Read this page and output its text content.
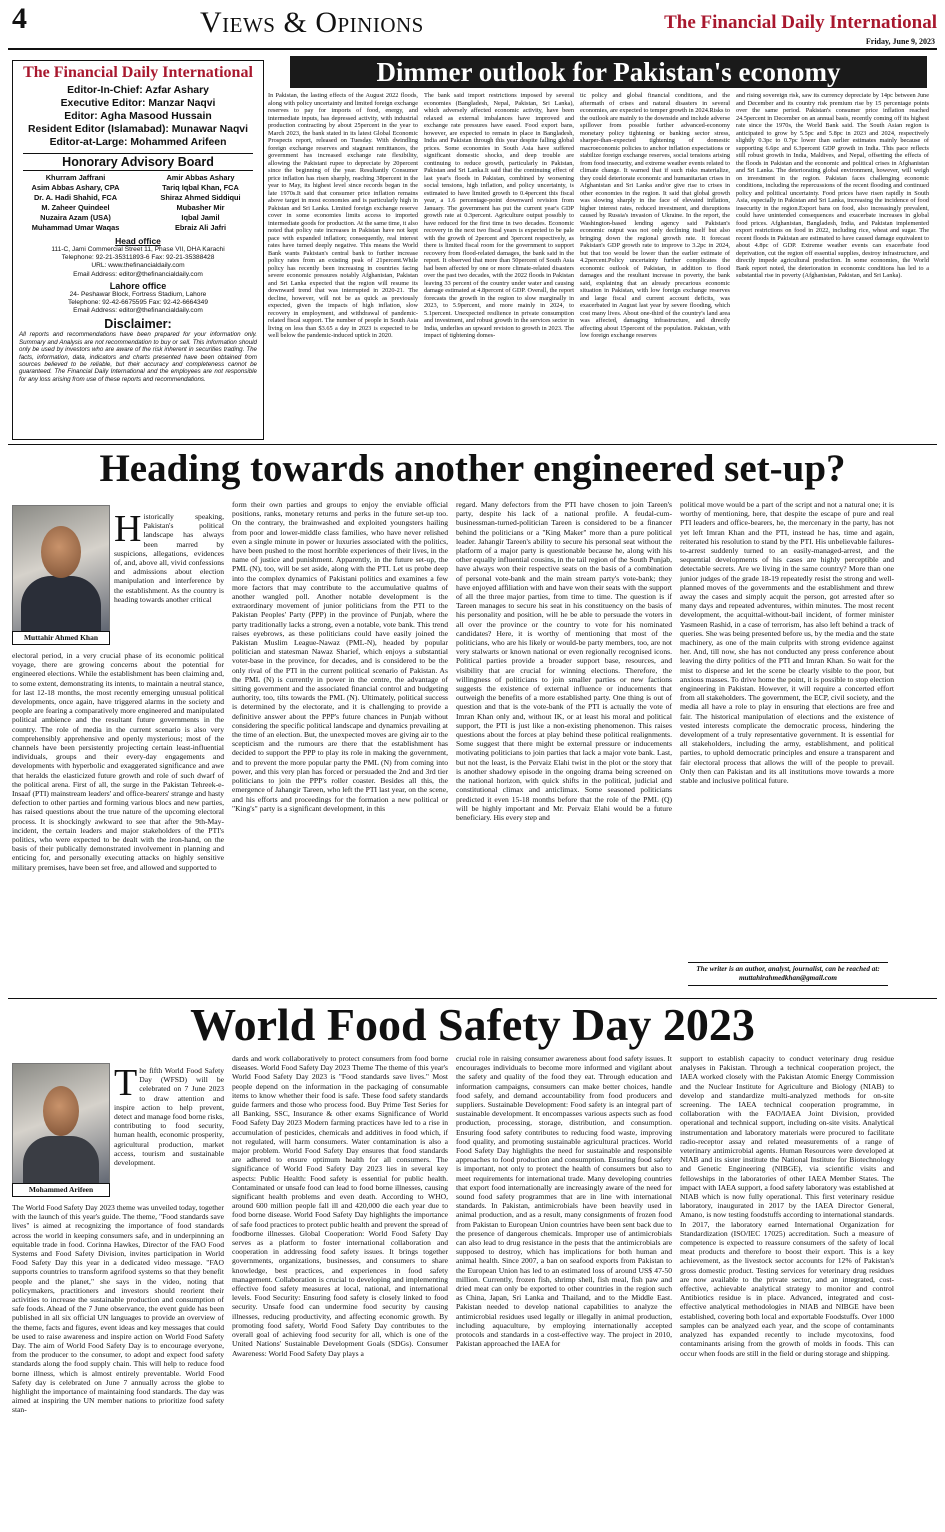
4	Views & Opinions	The Financial Daily International
Friday, June 9, 2023
The Financial Daily International
Editor-In-Chief: Azfar Ashary
Executive Editor: Manzar Naqvi
Editor: Agha Masood Hussain
Resident Editor (Islamabad): Munawar Naqvi
Editor-at-Large: Mohammed Arifeen
Honorary Advisory Board
Khurram Jaffrani
Asim Abbas Ashary, CPA
Dr. A. Hadi Shahid, FCA
M. Zaheer Quindeel
Nuzaira Azam (USA)
Muhammad Umar Waqas
Amir Abbas Ashary
Tariq Iqbal Khan, FCA
Shiraz Ahmed Siddiqui
Mubasher Mir
Iqbal Jamil
Ebraiz Ali Jafri
Head office
111-C, Jami Commercial Street 11, Phase VII, DHA Karachi
Telephone: 92-21-35311893-6 Fax: 92-21-35388428
URL: www.thefinancialdaily.com
Email Address: editor@thefinancialdaily.com
Lahore office
24- Peshawar Block, Fortress Stadium, Lahore
Telephone: 92-42-6675595 Fax: 92-42-6664349
Email Address: editor@thefinancialdaily.com
Disclaimer:
All reports and recommendations have been prepared for your information only. Summary and Analysis are not recommendation to buy or sell. This information should only be used by investors who are aware of the risk inherent in securities trading. The facts, information, data, indicators and charts presented have been obtained from sources believed to be reliable, but their accuracy and completeness cannot be guaranteed. The Financial Daily International and the employees are not responsible for any loss arising from use of these reports and recommendations.
Dimmer outlook for Pakistan's economy

In Pakistan, the lasting effects of the August 2022 floods, along with policy uncertainty and limited foreign exchange reserves to pay for imports of food, energy, and intermediate inputs, has depressed activity, with industrial production contracting by about 25percent in the year to March 2023, the bank stated in its latest Global Economic Prospects report, released on Tuesday. With dwindling foreign exchange reserves and stagnant remittances, the government has increased exchange rate flexibility, allowing the Pakistani rupee to depreciate by 20percent since the beginning of the year. Resultantly Consumer price inflation has risen sharply, reaching 38percent in the year to May, its highest level since records began in the late 1970s.It said that consumer price inflation remains above target in most economies and is particularly high in Pakistan and Sri Lanka. Limited foreign exchange reserve cover in some economies limits access to imported intermediate goods for production. At the same time, it also noted that policy rate increases in Pakistan have not kept pace with expanded inflation; consequently, real interest rates have turned deeply negative. This means the World Bank wants Pakistan's central bank to further increase policy rates from an existing peak of 21percent.While policy has recently been increasing in countries facing severe economic pressures notably Afghanistan, Pakistan and Sri Lanka expected that the region will resume its downward trend that was interrupted in 2020-21. The decline, however, will not be as quick as previously expected, given the impacts of high inflation, slow recovery in employment, and withdrawal of pandemic-related fiscal support. The number of people in South Asia living on less than $3.65 a day in 2023 is expected to be well below the pandemic-induced uptick in 2020.

The bank said import restrictions imposed by several economies (Bangladesh, Nepal, Pakistan, Sri Lanka), which adversely affected economic activity, have been relaxed as external imbalances have improved and exchange rate pressures have eased. Food export bans, however, are expected to remain in place in Bangladesh, India and Pakistan through this year despite falling global prices. Some economies in South Asia have suffered significant domestic shocks, and deep trouble are continuing to reduce growth, particularly in Pakistan, Pakistan and Sri Lanka.It said that the continuing effect of last year's floods in Pakistan, combined by worsening social tensions, high inflation, and policy uncertainty, is estimated to have limited growth to 0.4percent this fiscal year, a 1.6 percentage-point downward revision from January. The government has put the current year's GDP growth rate at 0.3percent. Agriculture output possibly to have reduced for the first time in two decades. Economic recovery in the next two fiscal years is expected to be pale with the growth of 2percent and 3percent respectively, as there is limited fiscal room for the government to support recovery from flood-related damages, the bank said in the report. It observed that more than 50percent of South Asia had been affected by one or more climate-related disasters over the past two decades, with the 2022 floods in Pakistan leaving 33 percent of the country under water and causing damage estimated at 4.8percent of GDP. Overall, the report forecasts the growth in the region to slow marginally in 2023, to 5.9percent, and more mainly in 2024, to 5.1percent. Unexpected resilience in private consumption and investment, and robust growth in the services sector in India, underlies an upward revision to growth in 2023. The impact of tightening domes-

tic policy and global financial conditions, and the aftermath of crises and natural disasters in several economies, are expected to temper growth in 2024.Risks to the outlook are mainly to the downside and include adverse spillover from possible further advanced-economy monetary policy tightening or banking sector stress, sharper-than-expected tightening of domestic macroeconomic policies to anchor inflation expectations or stabilize foreign exchange reserves, social tensions arising from food insecurity, and extreme weather events related to climate change. It warned that if such risks materialize, they could deteriorate economic and humanitarian crises in Afghanistan and Sri Lanka and/or give rise to crises in other economies in the region. It said that global growth was slowing sharply in the face of elevated inflation, higher interest rates, reduced investment, and disruptions caused by Russia's invasion of Ukraine. In the report, the Washington-based lending agency said Pakistan's economic output was not only declining itself but also bringing down the regional growth rate. It forecast Pakistan's GDP growth rate to improve to 3.2pc in 2024, but that too would be lower than the earlier estimate of 4.2percent.Policy uncertainty further complicates the economic outlook of Pakistan, in addition to flood damages and the resultant increase in poverty, the bank said, explaining that an already precarious economic situation in Pakistan, with low foreign exchange reserves and large fiscal and current account deficits, was exacerbated in August last year by severe flooding, which cost many lives. About one-third of the country's land area was affected, damaging infrastructure, and directly affecting about 15percent of the population. Pakistan, with low foreign exchange reserves

and rising sovereign risk, saw its currency depreciate by 14pc between June and December and its country risk premium rise by 15 percentage points over the same period. Pakistan's consumer price inflation reached 24.5percent in December on an annual basis, recently coming off its highest rate since the 1970s, the World Bank said. The South Asian region is anticipated to grow by 5.5pc and 5.8pc in 2023 and 2024, respectively slightly 0.3pc to 0.7pc lower than earlier estimates mainly because of supporting 6.6pc and 6.3percent GDP growth in India. This pace reflects still robust growth in India, Maldives, and Nepal, offsetting the effects of the floods in Pakistan and the economic and political crises in Afghanistan and Sri Lanka. The deteriorating global environment, however, will weigh on investment in the region. Pakistan faces challenging economic conditions, including the repercussions of the recent flooding and continued policy and political uncertainty. Food prices have risen rapidly in South Asia, especially in Pakistan and Sri Lanka, increasing the incidence of food insecurity in the region.Export bans on food, also increasingly prevalent, could have unintended consequences and exacerbate increases in global food prices. Afghanistan, Bangladesh, India, and Pakistan implemented export restrictions on food in 2022, including rice, wheat and sugar. The recent floods in Pakistan are estimated to have caused damage equivalent to about 4.8pc of GDP. Extreme weather events can exacerbate food deprivation, cut the region off essential supplies, destroy infrastructure, and directly impede agricultural production. In some economies, the World Bank report noted, the deterioration in economic conditions has led to a substantial rise in poverty (Afghanistan, Pakistan, and Sri Lanka).

Heading towards another engineered set-up?
Muttahir Ahmed Khan
Historically speaking, Pakistan's political landscape has always been marred by suspicions, allegations, evidences of, and, above all, vivid confessions and admissions about election manipulation and interference by the establishment. As the country is heading towards another critical

electoral period, in a very crucial phase of its economic political voyage, there are growing concerns about the potential for engineered elections. While the establishment has been claiming and, to some extent, demonstrating its intents, to maintain a neutral stance, for last 12-18 months, the most recently emerging unusual political developments, once again, have triggered alarms in the society and people are fearing a comparatively more engineered and manipulated political ambience and the resultant future governments in the country. The role of media in the current scenario is also very comprehensibly apprehensive and openly mysterious; most of the channels have been persistently projecting certain least-influential individuals, groups and their every-day engagements and developments with hyperbolic and exaggerated significance and awe that heralds the elasticized future growth and role of such dwarf of the political arena. First of all, the surge in the Pakistan Tehreek-e-Insaaf (PTI) mainstream leaders' and office-bearers' strange and hasty defection to other parties and forming various blocs and new parties, has raised questions about the true nature of the upcoming electoral process. It is shockingly awkward to see that after the 9th-May-incident, the certain leaders and major stakeholders of the PTI's politics, who were expected to be dealt with the iron-hand, on the basis of their publically demonstrated involvement in planning and enticing for, and personally executing attacks on highly sensitive military premises, have been set free, and allowed and supported to

form their own parties and groups to enjoy the enviable official positions, ranks, monetary returns and perks in the future set-up too. On the contrary, the brainwashed and exploited youngsters hailing from poor and lower-middle class families, who have never relished even a single minute in power or luxuries associated with the politics, have been pushed to the most horrible experiences of their lives, in the name of justice and punishment. Apparently, in the future set-up, the PML (N), too, will be set aside, along with the PTI. Let us probe deep into the complex dynamics of Pakistani politics and examines a few more factors that may contribute to the accumulative qualms of another wangled poll. Another notable development is the extraordinary movement of junior politicians from the PTI to the Pakistan Peoples' Party (PPP) in the province of Punjab, where the party traditionally lacks a strong, even a notable, vote bank. This trend raises eyebrows, as these politicians could have easily joined the Pakistan Muslim League-Nawaz (PML-N), headed by popular politician and statesman Nawaz Sharief, which enjoys a substantial voter-base in the province, for decades, and is considered to be the only rival of the PTI in the current political scenario of Pakistan. As the PML (N) is currently in power in the centre, the advantage of sitting government and the associated financial control and budgeting authority, too, tilts towards the PML (N). Ultimately, political success is determined by the electorate, and it is challenging to provide a definitive answer about the PPP's future chances in Punjab without considering the specific political landscape and dynamics prevailing at the time of an election. But, the unexpected moves are giving air to the scepticism and the rumours are there that the establishment has decided to support the PPP to play its role in making the government, and to prevent the more popular party the PML (N) from coming into power, and this very plan has forced or persuaded the 2nd and 3rd tier politicians to join the PPP's roller coaster. Besides all this, the emergence of Jahangir Tareen, who left the PTI last year, on the scene, and his efforts and proceedings for the formation a new political or "King's" party is a significant development, in this

regard. Many defectors from the PTI have chosen to join Tareen's party, despite his lack of a national profile. A feudal-cum-businessman-turned-politician Tareen is considered to be a financer behind the politicians or a "King Maker" more than a pure political leader. Jahangir Tareen's ability to secure his personal seat without the platform of a major party is questionable because he, along with his other equally influential cousins, in the tail region of the South Punjab, have always won their respective seats on the basis of a combination of personal vote-bank and the main stream party's vote-bank; they have enjoyed affiliation with and have won their seats with the support of all the three major parties, from time to time. The question is if Tareen manages to secure his seat in his constituency on the basis of his personality and position, will he be able to persuade the voters in all over the province or the country to vote for his nominated candidates? Here, it is worthy of mentioning that most of the politicians, who are his likely or would-be party members, too, are not very stalwarts or known national or even regionally recognised icons. Political parties provide a broader support base, resources, and visibility that are crucial for winning elections. Therefore, the willingness of politicians to join smaller parties or new factions suggests the existence of external influence or inducements that outweigh the benefits of a more established party. One thing is out of question and that is the vote-bank of the PTI is actually the vote of Imran Khan only and, without IK, or at least his moral and political support, the PTI is just like a non-existing phenomenon. This raises questions about the forces at play behind these political realignments. Some suggest that there might be external pressure or inducements motivating politicians to join parties that lack a major vote bank. Last, but not the least, is the Pervaiz Elahi twist in the plot or the story that is another shadowy episode in the ongoing drama being screened on the national horizon, with quick shifts in the political, judicial and constitutional climax and anticlimax. Some seasoned politicians predicted it even 15-18 months before that the role of the PML (Q) will be highly important and Mr. Pervaiz Elahi would be a future beneficiary. His every step and

political move would be a part of the script and not a natural one; it is worthy of mentioning, here, that despite the escape of pure and real PTI leaders and office-bearers, he, the mercenary in the party, has not yet left Imran Khan and the PTI, instead he has, time and again, reiterated his resolution to stand by the PTI. His unbelievable failures-to-arrest suddenly turned to an easily-managed-arrest, and the sequential developments of his cases are highly perceptible and detectable secrets. Are we living in the same country? More than one junior judges of the grade 18-19 repeatedly resist the strong and well-planned moves of the governments and the establishment and threw away the cases and simply acquit the person, got arrested after so many days and repeated adventures, within minutes. The most recent development, the acquittal-without-bail incident, of former minister Yasmeen Rashid, in a case of terrorism, has also left behind a track of queries. She was being presented before us, by the media and the state machinery, as one of the main culprits with strong evidence against her. And, till now, she has not conducted any press conference about leaving the dirty politics of the PTI and Imran Khan. So wait for the mist to disperse and let the scene be clearly visible to the poor, but anxious masses. To drive home the point, it is possible to stop election engineering in Pakistan. However, it will require a concerted effort from all stakeholders. The government, the ECP, civil society, and the media all have a role to play in ensuring that elections are free and fair. The historical manipulation of elections and the existence of vested interests complicate the democratic process, hindering the development of a truly representative government. It is essential for all stakeholders, including the army, establishment, and political parties, to uphold democratic principles and ensure a transparent and fair electoral process that allows the will of the people to prevail. Only then can Pakistan and its all institutions move towards a more stable and inclusive political future.

The writer is an author, analyst, journalist, can be reached at: muttahirahmedkhan@gmail.com
World Food Safety Day 2023
Mohammed Arifeen
The fifth World Food Safety Day (WFSD) will be celebrated on 7 June 2023 to draw attention and inspire action to help prevent, detect and manage food borne risks, contributing to food security, human health, economic prosperity, agricultural production, market access, tourism and sustainable development.

The World Food Safety Day 2023 theme was unveiled today, together with the launch of this year's guide. The theme, "Food standards save lives" is aimed at recognizing the importance of food standards across the world in keeping consumers safe, and in underpinning an equitable trade in food. Corinna Hawkes, Director of the FAO Food Systems and Food Safety Division, invites participation in World Food Safety Day this year in a dedicated video message. "FAO supports countries to transform agrifood systems so that they benefit people and the planet," she says in the video, noting that policymakers, practitioners and investors should reorient their activities to increase the sustainable production and consumption of safe foods. Ahead of the 7 June observance, the event guide has been published in all six official UN languages to provide an overview of the theme, facts and figures, event ideas and key messages that could be used to raise awareness and inspire action on World Food Safety Day. The aim of World Food Safety Day is to encourage everyone, from the producer to the consumer, to adopt and expect food safety standards along the food supply chain. This will help to reduce food borne illness, which is almost entirely preventable. World Food Safety day is celebrated on June 7 annually across the globe to highlight the importance of maintaining food standards. The day was aimed at inspiring the UN member nations to prioritize food safety stan-

dards and work collaboratively to protect consumers from food borne diseases. World Food Safety Day 2023 Theme The theme of this year's World Food Safety Day 2023 is "Food standards save lives." Most people depend on the information in the packaging of consumable items to know whether their food is safe. These food safety standards guide farmers and those who process food. Buy Prime Test Series for all Banking, SSC, Insurance & other exams Significance of World Food Safety Day 2023 Modern farming practices have led to a rise in accumulation of pesticides, chemicals and additives in food which, if not regulated, will harm consumers. Water contamination is also a major problem. World Food Safety Day ensures that food standards are adhered to ensure optimum health for all consumers. The significance of World Food Safety Day 2023 lies in several key aspects: Public Health: Food safety is essential for public health. Contaminated or unsafe food can lead to food borne illnesses, causing significant health problems and even death. According to WHO, around 600 million people fall ill and 420,000 die each year due to food borne disease. World Food Safety Day highlights the importance of safe food practices to protect public health and prevent the spread of foodborne illnesses. Global Cooperation: World Food Safety Day serves as a platform to foster international collaboration and cooperation in addressing food safety issues. It brings together governments, organizations, businesses, and consumers to share knowledge, best practices, and experiences in food safety management. Collaboration is crucial to developing and implementing effective food safety measures at local, national, and international levels. Food Security: Ensuring food safety is closely linked to food security. Unsafe food can undermine food security by causing illnesses, reducing productivity, and affecting economic growth. By promoting food safety, World Food Safety Day contributes to the overall goal of achieving food security for all, which is one of the United Nations' Sustainable Development Goals (SDGs). Consumer Awareness: World Food Safety Day plays a

crucial role in raising consumer awareness about food safety issues. It encourages individuals to become more informed and vigilant about the safety and quality of the food they eat. Through education and information campaigns, consumers can make better choices, handle food safely, and demand accountability from food producers and suppliers. Sustainable Development: Food safety is an integral part of sustainable development. It encompasses various aspects such as food production, processing, storage, distribution, and consumption. Ensuring food safety contributes to reducing food waste, improving food quality, and promoting sustainable agricultural practices. World Food Safety Day highlights the need for sustainable and responsible approaches to food production and consumption. Ensuring food safety is important, not only to protect the health of consumers but also to meet requirements for international trade. Many developing countries that export food internationally are increasingly aware of the need for sound food safety programmes that are in line with international standards. In Pakistan, antimicrobials have been heavily used in animal production, and as a result, many consignments of frozen food from Pakistan to European Union countries have been sent back due to the presence of dangerous chemicals. Improper use of antimicrobials can also lead to drug resistance in the pests that the antimicrobials are supposed to destroy, which has implications for both human and animal health. Since 2007, a ban on seafood exports from Pakistan to the European Union has led to an estimated loss of around US$ 47-50 million. Currently, frozen fish, shrimp shell, fish meal, fish paw and dried meat can only be exported to other countries in the region such as China, Japan, Sri Lanka and Thailand, and to the Middle East. Pakistan needed to develop national capabilities to analyze the antimicrobial residues used legally or illegally in animal production, including aquaculture, by employing internationally accepted protocols and standards in a cost-effective way. The project in 2010, Pakistan approached the IAEA for

support to establish capacity to conduct veterinary drug residue analyses in Pakistan. Through a technical cooperation project, the IAEA worked closely with the Pakistan Atomic Energy Commission and the Nuclear Institute for Agriculture and Biology (NIAB) to develop and standardize multi-analyzed methods for on-site screening. The IAEA technical cooperation programme, in collaboration with the FAO/IAEA Joint Division, provided operational and technical support, including on-site visits. Analytical instrumentation and laboratory materials were procured to facilitate radio-receptor assay and related measurements of a range of veterinary antimicrobial agents. Human Resources were developed at NIAB and its sister institute the National Institute for Biotechnology and Genetic Engineering (NIBGE), via scientific visits and fellowships in the laboratories of other IAEA Member States. The impact with IAEA support, a food safety laboratory was established at NIAB which is now fully operational. This first veterinary residue laboratory, inaugurated in 2017 by the IAEA Director General, Amano, is now testing foodstuffs according to international standards. In 2017, the laboratory earned International Organization for Standardization (ISO/IEC 17025) accreditation. Such a measure of competence is expected to reassure consumers of the safety of local meat products and therefore to boost their export. This is a key achievement, as the livestock sector accounts for 12% of Pakistan's gross domestic product. Testing services for veterinary drug residues are now available to the private sector, and an integrated, cost-effective, achievable analytical strategy to monitor and control Antibiotics residue is in place. Advanced, integrated and cost-effective analytical methodologies in NIAB and NIBGE have been established, covering both local and exportable Foodstuffs. Over 1000 samples can be analyzed each year, and the scope of contaminants analyzed has expanded recently to include mycotoxins, food contaminants arising from the growth of molds in foods. This can occur when foods are still in the field or during storage and shipping.
